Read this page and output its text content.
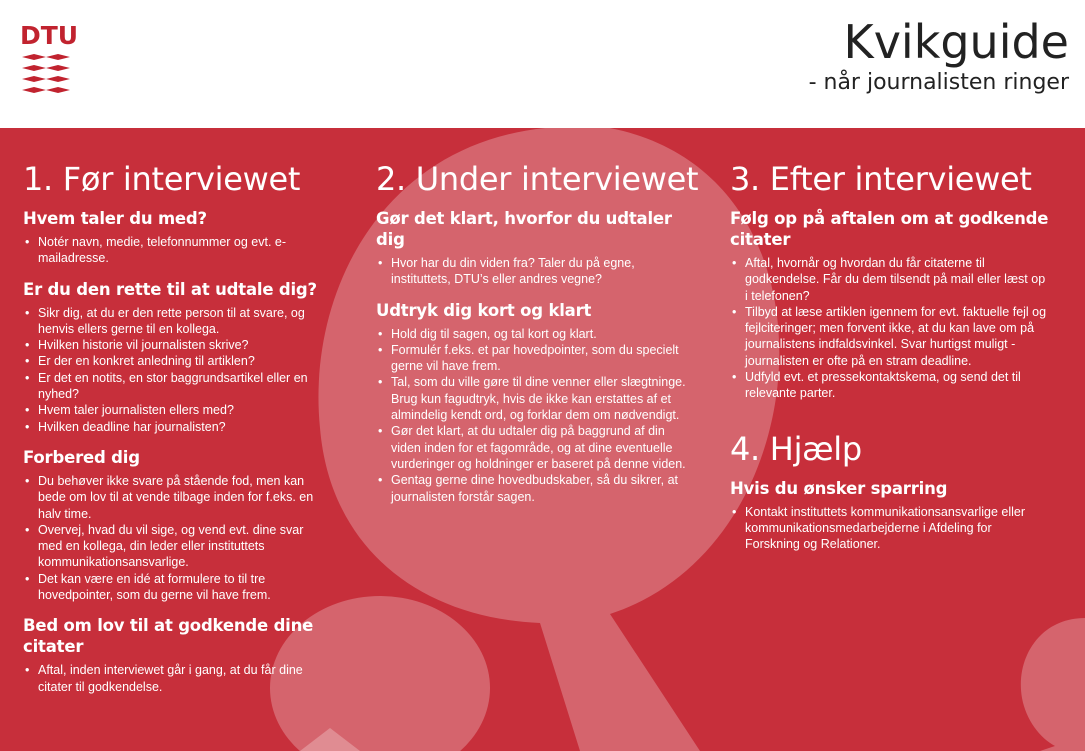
DTU	Kvikguide
- når journalisten ringer
1. Før interviewet
Hvem taler du med?
• Notér navn, medie, telefonnummer og evt. e-mailadresse.
Er du den rette til at udtale dig?
• Sikr dig, at du er den rette person til at svare, og henvis ellers gerne til en kollega.
• Hvilken historie vil journalisten skrive?
• Er der en konkret anledning til artiklen?
• Er det en notits, en stor baggrundsartikel eller en nyhed?
• Hvem taler journalisten ellers med?
• Hvilken deadline har journalisten?
Forbered dig
• Du behøver ikke svare på stående fod, men kan bede om lov til at vende tilbage inden for f.eks. en halv time.
• Overvej, hvad du vil sige, og vend evt. dine svar med en kollega, din leder eller instituttets kommunikationsansvarlige.
• Det kan være en idé at formulere to til tre hovedpointer, som du gerne vil have frem.
Bed om lov til at godkende dine citater
• Aftal, inden interviewet går i gang, at du får dine citater til godkendelse.
2. Under interviewet
Gør det klart, hvorfor du udtaler dig
• Hvor har du din viden fra? Taler du på egne, instituttets, DTU’s eller andres vegne?
Udtryk dig kort og klart
• Hold dig til sagen, og tal kort og klart.
• Formulér f.eks. et par hovedpointer, som du specielt gerne vil have frem.
• Tal, som du ville gøre til dine venner eller slægtninge. Brug kun fagudtryk, hvis de ikke kan erstattes af et almindelig kendt ord, og forklar dem om nødvendigt.
• Gør det klart, at du udtaler dig på baggrund af din viden inden for et fagområde, og at dine eventuelle vurderinger og holdninger er baseret på denne viden.
• Gentag gerne dine hovedbudskaber, så du sikrer, at journalisten forstår sagen.
3. Efter interviewet
Følg op på aftalen om at godkende citater
• Aftal, hvornår og hvordan du får citaterne til godkendelse. Får du dem tilsendt på mail eller læst op i telefonen?
• Tilbyd at læse artiklen igennem for evt. faktuelle fejl og fejlciteringer; men forvent ikke, at du kan lave om på journalistens indfaldsvinkel. Svar hurtigst muligt - journalisten er ofte på en stram deadline.
• Udfyld evt. et pressekontaktskema, og send det til relevante parter.
4. Hjælp
Hvis du ønsker sparring
• Kontakt instituttets kommunikationsansvarlige eller kommunikationsmedarbejderne i Afdeling for Forskning og Relationer.
